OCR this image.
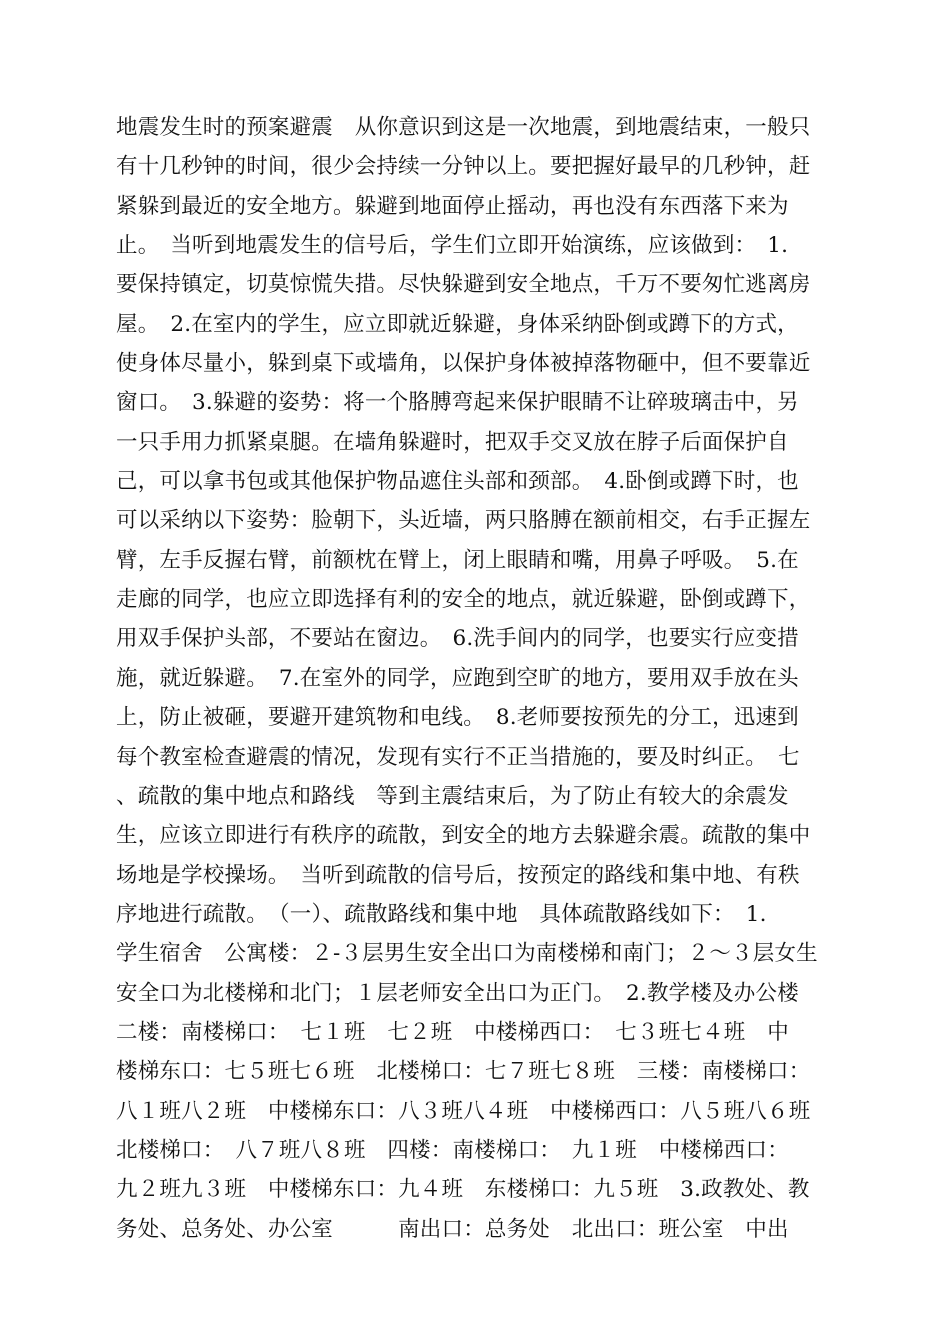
地震发生时的预案避震　从你意识到这是一次地震，到地震结束，一般只
有十几秒钟的时间，很少会持续一分钟以上。要把握好最早的几秒钟，赶
紧躲到最近的安全地方。躲避到地面停止摇动，再也没有东西落下来为
止。　当听到地震发生的信号后，学生们立即开始演练，应该做到：　1.
要保持镇定，切莫惊慌失措。尽快躲避到安全地点，千万不要匆忙逃离房
屋。　2.在室内的学生，应立即就近躲避，身体采纳卧倒或蹲下的方式，
使身体尽量小，躲到桌下或墙角，以保护身体被掉落物砸中，但不要靠近
窗口。　3.躲避的姿势：将一个胳膊弯起来保护眼睛不让碎玻璃击中，另
一只手用力抓紧桌腿。在墙角躲避时，把双手交叉放在脖子后面保护自
己，可以拿书包或其他保护物品遮住头部和颈部。　4.卧倒或蹲下时，也
可以采纳以下姿势：脸朝下，头近墙，两只胳膊在额前相交，右手正握左
臂，左手反握右臂，前额枕在臂上，闭上眼睛和嘴，用鼻子呼吸。　5.在
走廊的同学，也应立即选择有利的安全的地点，就近躲避，卧倒或蹲下，
用双手保护头部，不要站在窗边。　6.洗手间内的同学，也要实行应变措
施，就近躲避。　7.在室外的同学，应跑到空旷的地方，要用双手放在头
上，防止被砸，要避开建筑物和电线。　8.老师要按预先的分工，迅速到
每个教室检查避震的情况，发现有实行不正当措施的，要及时纠正。　七
、疏散的集中地点和路线　等到主震结束后，为了防止有较大的余震发
生，应该立即进行有秩序的疏散，到安全的地方去躲避余震。疏散的集中
场地是学校操场。　当听到疏散的信号后，按预定的路线和集中地、有秩
序地进行疏散。　（一）、疏散路线和集中地　具体疏散路线如下：　1.
学生宿舍　公寓楼：２-３层男生安全出口为南楼梯和南门；２～３层女生
安全口为北楼梯和北门；１层老师安全出口为正门。　2.教学楼及办公楼
二楼：南楼梯口：　七１班　七２班　中楼梯西口：　七３班七４班　中
楼梯东口：七５班七６班　北楼梯口：七７班七８班　三楼：南楼梯口：
八１班八２班　中楼梯东口：八３班八４班　中楼梯西口：八５班八６班
北楼梯口：　八７班八８班　四楼：南楼梯口：　九１班　中楼梯西口：
九２班九３班　中楼梯东口：九４班　东楼梯口：九５班　3.政教处、教
务处、总务处、办公室　　　南出口：总务处　北出口：班公室　中出
